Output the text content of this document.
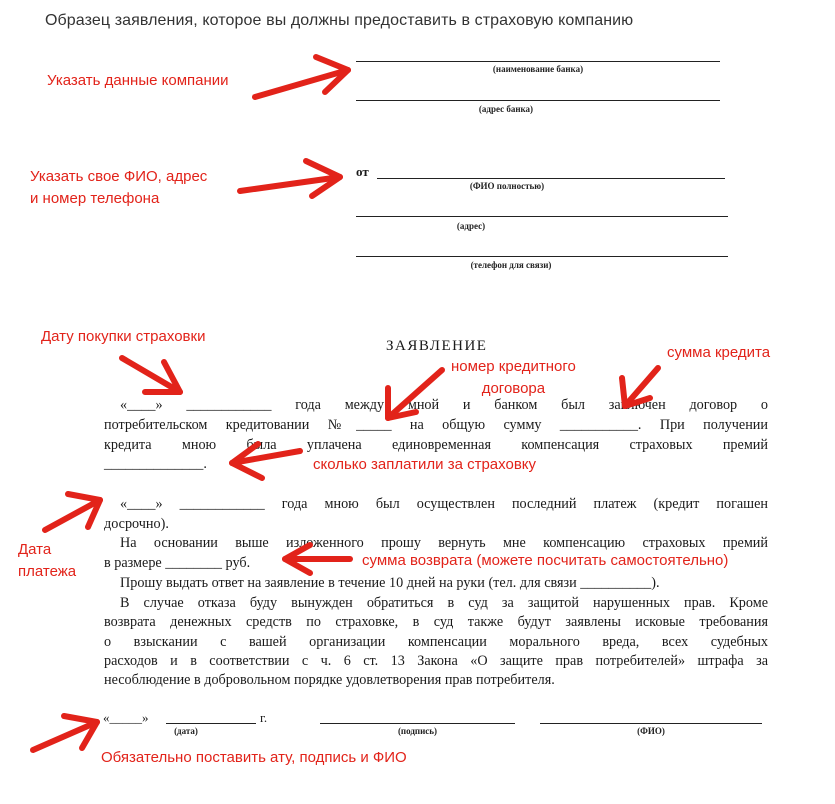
Образец заявления, которое вы должны предоставить в страховую компанию
Указать данные компании
Указать свое ФИО, адрес
и номер телефона
Дату покупки страховки
номер кредитного
договора
сумма кредита
сколько заплатили за страховку
Дата
платежа
сумма возврата (можете посчитать самостоятельно)
Обязательно поставить ату, подпись и ФИО
(наименование банка)
(адрес банка)
от
(ФИО полностью)
(адрес)
(телефон для связи)
ЗАЯВЛЕНИЕ
«____» ____________ года между мной и банком был заключен договор о
потребительском кредитовании №_____ на общую сумму ___________. При получении
кредита мною была уплачена единовременная компенсация страховых премий
______________.
«____» ____________ года мною был осуществлен последний платеж (кредит погашен
досрочно).
На основании выше изложенного прошу вернуть мне компенсацию страховых премий
в размере ________ руб.
Прошу выдать ответ на заявление в течение 10 дней на руки (тел. для связи __________).
В случае отказа буду вынужден обратиться в суд за защитой нарушенных прав. Кроме
возврата денежных средств по страховке, в суд также будут заявлены исковые требования
о взыскании с вашей организации компенсации морального вреда, всех судебных
расходов и в соответствии с ч. 6 ст. 13 Закона «О защите прав потребителей» штрафа за
несоблюдение в добровольном порядке удовлетворения прав потребителя.
«_____»	г.
(дата)	(подпись)	(ФИО)
